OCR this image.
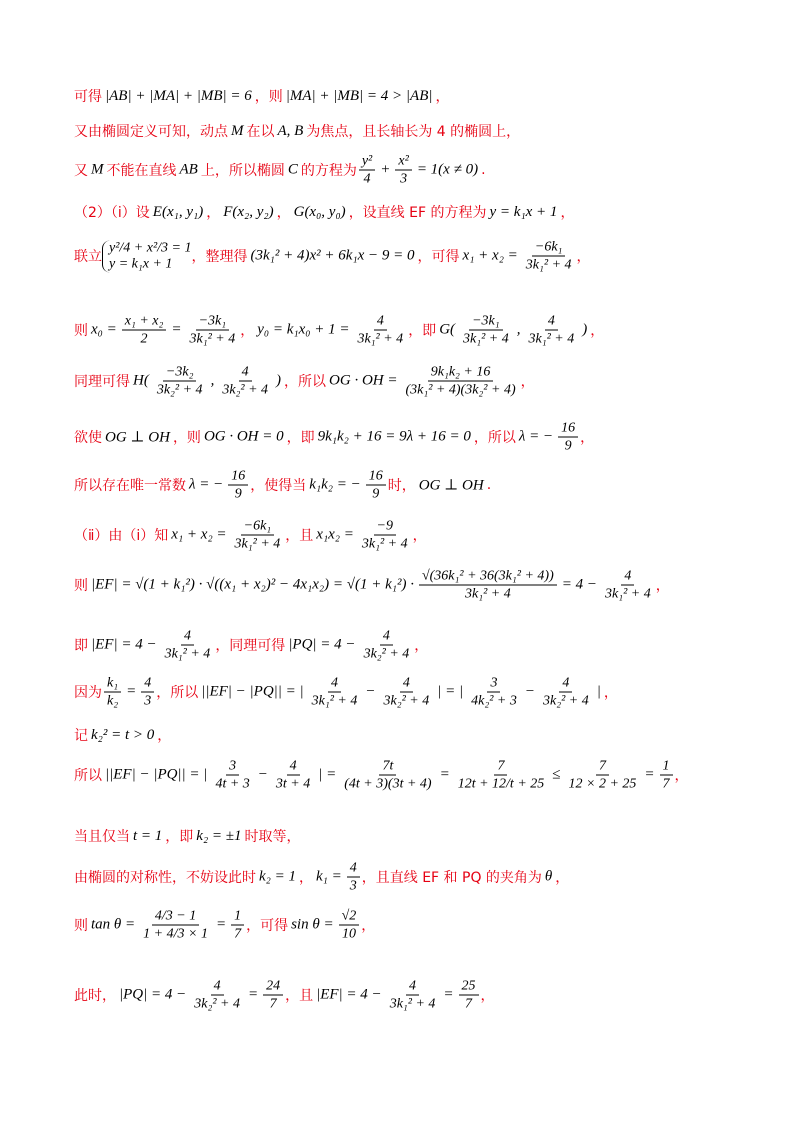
可得 |AB| + |MA| + |MB| = 6 ，则 |MA| + |MB| = 4 > |AB| ，
又由椭圆定义可知，动点 M 在以 A, B 为焦点，且长轴长为 4 的椭圆上，
又 M 不能在直线 AB 上，所以椭圆 C 的方程为 $\frac{\text{y²}}{4} + \frac{\text{x²}}{3} = 1(x \ne 0)$ .
（2）（ⅰ）设 E(x₁, y₁) ， F(x₂, y₂) ， G(x₀, y₀) ，设直线 EF 的方程为 y = k₁x + 1 ，
联立
y²/4 + x²/3 = 1
y = k₁x + 1	，整理得 (3k₁² + 4)x² + 6k₁x − 9 = 0 ，可得 $x_1 + x_2 = \frac{\text{−6k₁}}{\text{3k₁² + 4}}$ ，
则 $x_0 = \frac{\text{x₁ + x₂}}{2} = \frac{\text{−3k₁}}{\text{3k₁² + 4}}$ ， $y_0 = k_1x_0 + 1 = \frac{4}{\text{3k₁² + 4}}$ ，即 $G( \frac{\text{−3k₁}}{\text{3k₁² + 4}}$ , $\frac{4}{\text{3k₁² + 4}}$ ) ，
同理可得 $H( \frac{\text{−3k₂}}{\text{3k₂² + 4}}$ , $\frac{4}{\text{3k₂² + 4}}$ ) ，所以 OG · OH = $\frac{\text{9k₁k₂ + 16}}{\text{(3k₁² + 4)(3k₂² + 4)}}$ ，
欲使 OG ⊥ OH ，则 OG · OH = 0 ，即 9k₁k₂ + 16 = 9λ + 16 = 0 ，所以 λ = − $\frac{16}{9}$ ，
所以存在唯一常数 λ = − $\frac{16}{9}$ ，使得当 k₁k₂ = − $\frac{16}{9}$ 时， OG ⊥ OH .
（ⅱ）由（ⅰ）知 $x_1 + x_2 = \frac{\text{−6k₁}}{\text{3k₁² + 4}}$ ，且 $x_1x_2 = \frac{-9}{\text{3k₁² + 4}}$ ，
则 $|EF| = √(1 + k_1^2) \cdot √((x_1 + x_2)^2 - 4x_1x_2) = √(1 + k_1^2) \cdot \frac{\text{√(36k₁² + 36(3k₁² + 4))}}{\text{3k₁² + 4}} = 4 - \frac{4}{\text{3k₁² + 4}}$ ，
即 $|EF| = 4 - \frac{4}{\text{3k₁² + 4}}$ ，同理可得 $|PQ| = 4 - \frac{4}{\text{3k₂² + 4}}$ ，
因为 $\frac{\text{k₁}}{\text{k₂}} = \frac{4}{3}$ ，所以 ||EF| − |PQ|| = | $\frac{4}{\text{3k₁² + 4}} - \frac{4}{\text{3k₂² + 4}}$ | = | $\frac{3}{\text{4k₂² + 3}} - \frac{4}{\text{3k₂² + 4}}$ | ，
记 k₂² = t > 0 ，
所以 ||EF| − |PQ|| = | $\frac{3}{4t + 3} - \frac{4}{3t + 4}$ | = $\frac{7t}{(4t + 3)(3t + 4)} = \frac{7}{12t + 12/t + 25} \le \frac{7}{12 \times 2 + 25} = \frac{1}{7}$ ，
当且仅当 t = 1 ，即 k₂ = ±1 时取等，
由椭圆的对称性，不妨设此时 k₂ = 1 ， $k_1 = \frac{4}{3}$ ，且直线 EF 和 PQ 的夹角为 θ ，
则 $\tan \theta = \frac{4/3 - 1}{1 + 4/3 \times 1} = \frac{1}{7}$ ，可得 $\sin \theta = \frac{√2}{10}$ ，
此时， $|PQ| = 4 - \frac{4}{\text{3k₂² + 4}} = \frac{24}{7}$ ，且 $|EF| = 4 - \frac{4}{\text{3k₁² + 4}} = \frac{25}{7}$ ，
